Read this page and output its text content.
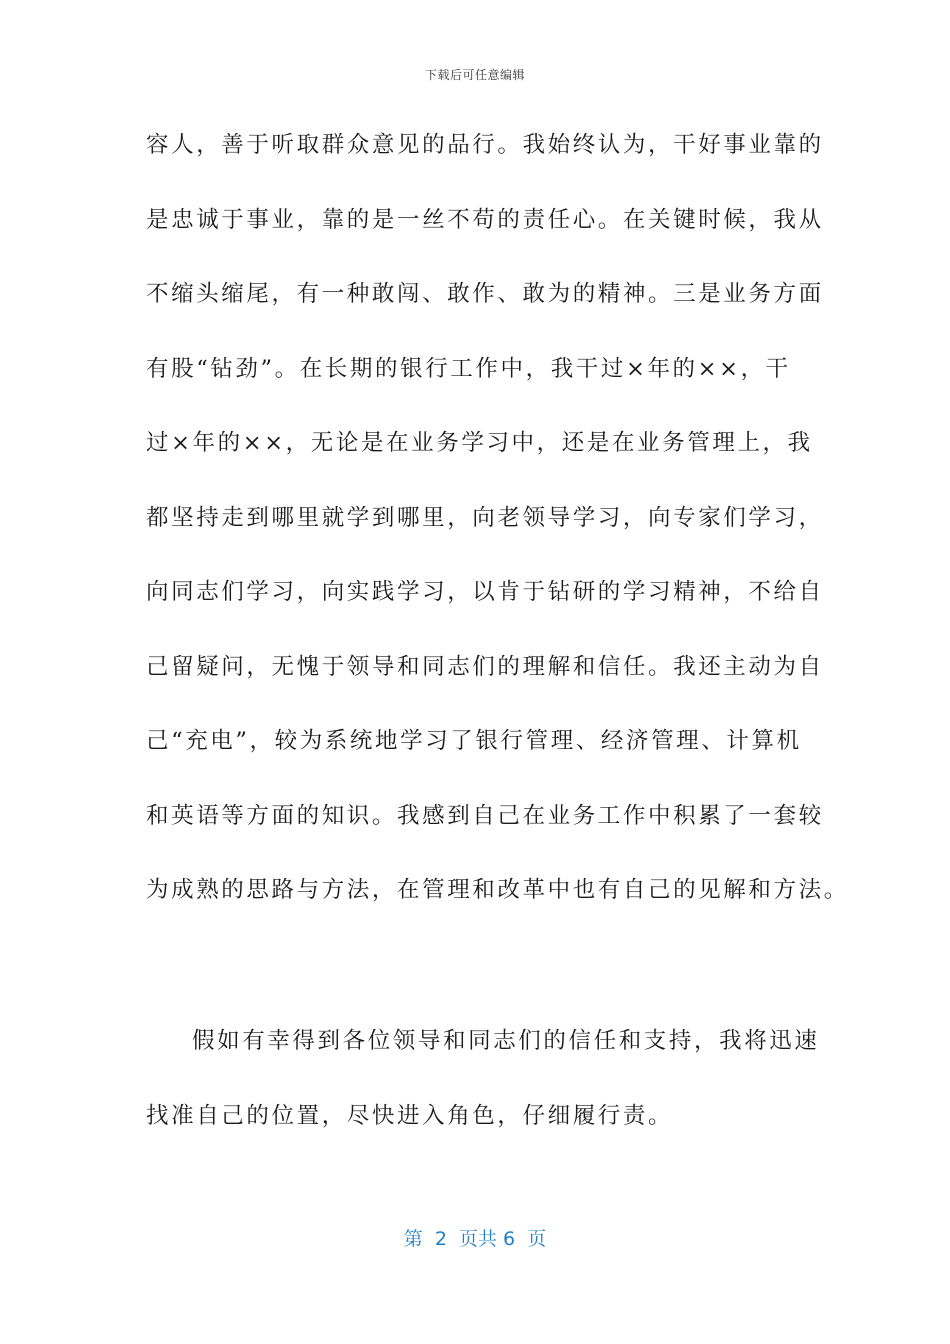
下载后可任意编辑
容人，善于听取群众意见的品行。我始终认为，干好事业靠的
是忠诚于事业，靠的是一丝不苟的责任心。在关键时候，我从
不缩头缩尾，有一种敢闯、敢作、敢为的精神。三是业务方面
有股“钻劲”。在长期的银行工作中，我干过×年的××，干
过×年的××，无论是在业务学习中，还是在业务管理上，我
都坚持走到哪里就学到哪里，向老领导学习，向专家们学习，
向同志们学习，向实践学习，以肯于钻研的学习精神，不给自
己留疑问，无愧于领导和同志们的理解和信任。我还主动为自
己“充电”，较为系统地学习了银行管理、经济管理、计算机
和英语等方面的知识。我感到自己在业务工作中积累了一套较
为成熟的思路与方法，在管理和改革中也有自己的见解和方法。
假如有幸得到各位领导和同志们的信任和支持，我将迅速
找准自己的位置，尽快进入角色，仔细履行责。
第  2  页共 6  页
